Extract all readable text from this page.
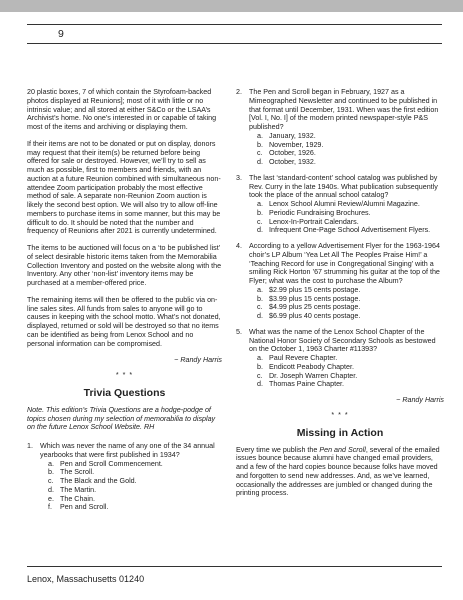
9

20 plastic boxes, 7 of which contain the Styrofoam-backed photos displayed at Reunions]; most of it with little or no intrinsic value; and all stored at either S&Co or the LSAA’s Archivist’s home. No one’s interested in or capable of taking most of the items and archiving or displaying them.

If their items are not to be donated or put on display, donors may request that their item(s) be returned before being offered for sale or destroyed. However, we’ll try to sell as much as possible, first to members and friends, with an auction at a future Reunion combined with simultaneous non-attendee Zoom participation probably the most effective method of sale. A separate non-Reunion Zoom auction is likely the second best option. We will also try to allow off-line members to purchase items in some manner, but this may be difficult to do. It should be noted that the number and frequency of Reunions after 2021 is currently undetermined.

The items to be auctioned will focus on a ‘to be published list’ of select desirable historic items taken from the Memorabilia Collection Inventory and posted on the website along with the Inventory. Any other ‘non-list’ inventory items may be purchased at a member-offered price.

The remaining items will then be offered to the public via on-line sales sites. All funds from sales to anyone will go to causes in keeping with the school motto. What’s not donated, displayed, returned or sold will be destroyed so that no items can be identified as being from Lenox School and no personal information can be compromised.

~ Randy Harris
* * *
Trivia Questions
Note. This edition’s Trivia Questions are a hodge-podge of topics chosen during my selection of memorabilia to display on the future Lenox School Website. RH
1. Which was never the name of any one of the 34 annual yearbooks that were first published in 1934?
a. Pen and Scroll Commencement.
b. The Scroll.
c. The Black and the Gold.
d. The Martin.
e. The Chain.
f.	Pen and Scroll.
2. The Pen and Scroll began in February, 1927 as a Mimeographed Newsletter and continued to be published in that format until December, 1931. When was the first edition [Vol. I, No. I] of the modern printed newspaper-style P&S published?
a. January, 1932.
b. November, 1929.
c. October, 1926.
d. October, 1932.
3. The last ‘standard-content’ school catalog was published by Rev. Curry in the late 1940s. What publication subsequently took the place of the annual school catalog?
a. Lenox School Alumni Review/Alumni Magazine.
b. Periodic Fundraising Brochures.
c. Lenox-In-Portrait Calendars.
d. Infrequent One-Page School Advertisement Flyers.
4. According to a yellow Advertisement Flyer for the 1963-1964 choir’s LP Album ‘Yea Let All The Peoples Praise Him!’ a ‘Teaching Record for use in Congregational Singing’ with a smiling Rick Horton ’67 strumming his guitar at the top of the Flyer; what was the cost to purchase the Album?
a. $2.99 plus 15 cents postage.
b. $3.99 plus 15 cents postage.
c. $4.99 plus 25 cents postage.
d. $6.99 plus 40 cents postage.
5. What was the name of the Lenox School Chapter of the National Honor Society of Secondary Schools as bestowed on the October 1, 1963 Charter #11393?
a. Paul Revere Chapter.
b. Endicott Peabody Chapter.
c. Dr. Joseph Warren Chapter.
d. Thomas Paine Chapter.
~ Randy Harris
* * *
Missing in Action

Every time we publish the Pen and Scroll, several of the emailed issues bounce because alumni have changed email providers, and a few of the hard copies bounce because folks have moved and forgotten to send new addresses. And, as we’ve learned, occasionally the addresses are jumbled or changed during the printing process.

Lenox, Massachusetts 01240
